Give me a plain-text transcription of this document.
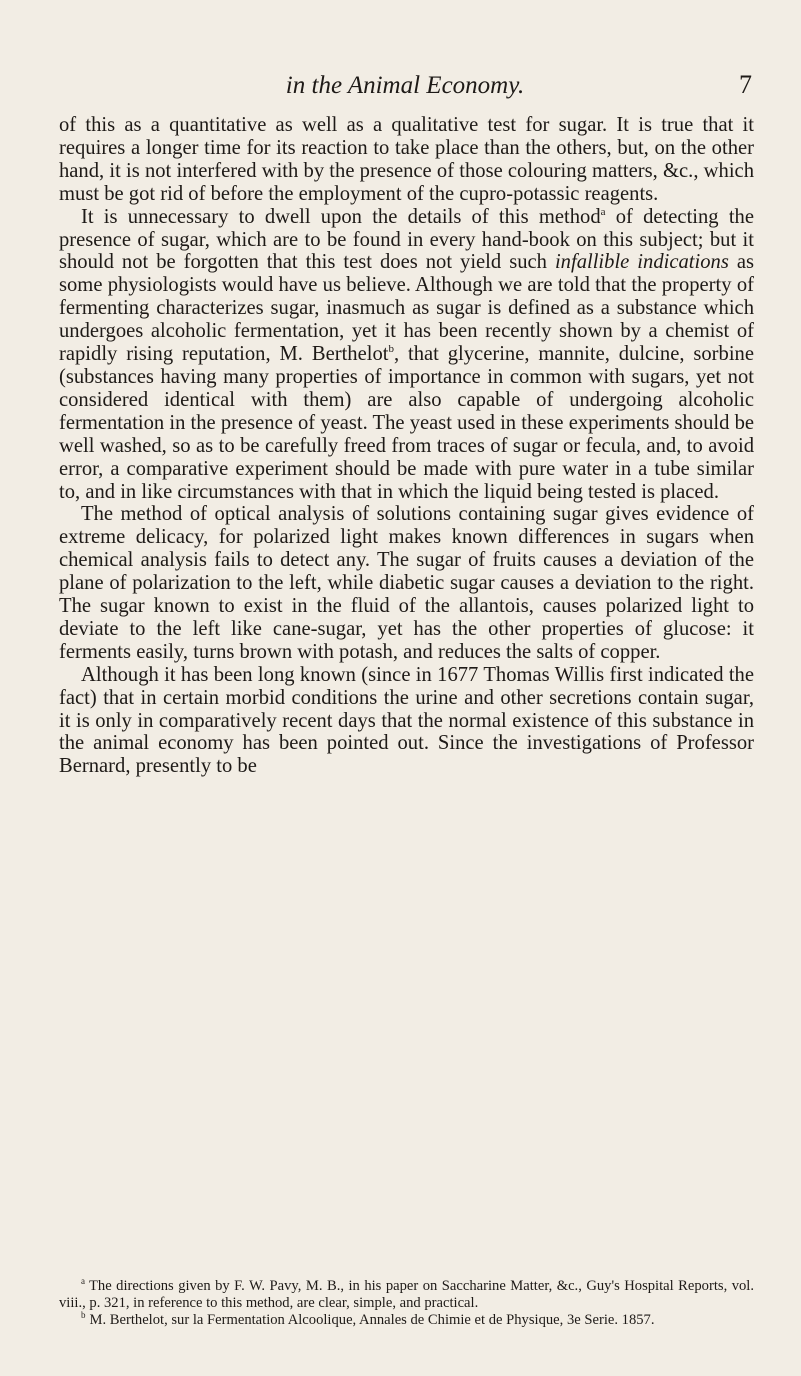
in the Animal Economy.	7

of this as a quantitative as well as a qualitative test for sugar. It is true that it requires a longer time for its reaction to take place than the others, but, on the other hand, it is not interfered with by the presence of those colouring matters, &c., which must be got rid of before the employment of the cupro-potassic reagents.

It is unnecessary to dwell upon the details of this method$^a$ of detecting the presence of sugar, which are to be found in every hand-book on this subject; but it should not be forgotten that this test does not yield such infallible indications as some physiologists would have us believe. Although we are told that the property of fermenting characterizes sugar, inasmuch as sugar is defined as a substance which undergoes alcoholic fermentation, yet it has been recently shown by a chemist of rapidly rising reputation, M. Berthelot$^b$, that glycerine, mannite, dulcine, sorbine (substances having many properties of importance in common with sugars, yet not considered identical with them) are also capable of undergoing alcoholic fermentation in the presence of yeast. The yeast used in these experiments should be well washed, so as to be carefully freed from traces of sugar or fecula, and, to avoid error, a comparative experiment should be made with pure water in a tube similar to, and in like circumstances with that in which the liquid being tested is placed.

The method of optical analysis of solutions containing sugar gives evidence of extreme delicacy, for polarized light makes known differences in sugars when chemical analysis fails to detect any. The sugar of fruits causes a deviation of the plane of polarization to the left, while diabetic sugar causes a deviation to the right. The sugar known to exist in the fluid of the allantois, causes polarized light to deviate to the left like cane-sugar, yet has the other properties of glucose: it ferments easily, turns brown with potash, and reduces the salts of copper.

Although it has been long known (since in 1677 Thomas Willis first indicated the fact) that in certain morbid conditions the urine and other secretions contain sugar, it is only in comparatively recent days that the normal existence of this substance in the animal economy has been pointed out. Since the investigations of Professor Bernard, presently to be

$^a$ The directions given by F. W. Pavy, M. B., in his paper on Saccharine Matter, &c., Guy's Hospital Reports, vol. viii., p. 321, in reference to this method, are clear, simple, and practical.

$^b$ M. Berthelot, sur la Fermentation Alcoolique, Annales de Chimie et de Physique, 3e Serie. 1857.
